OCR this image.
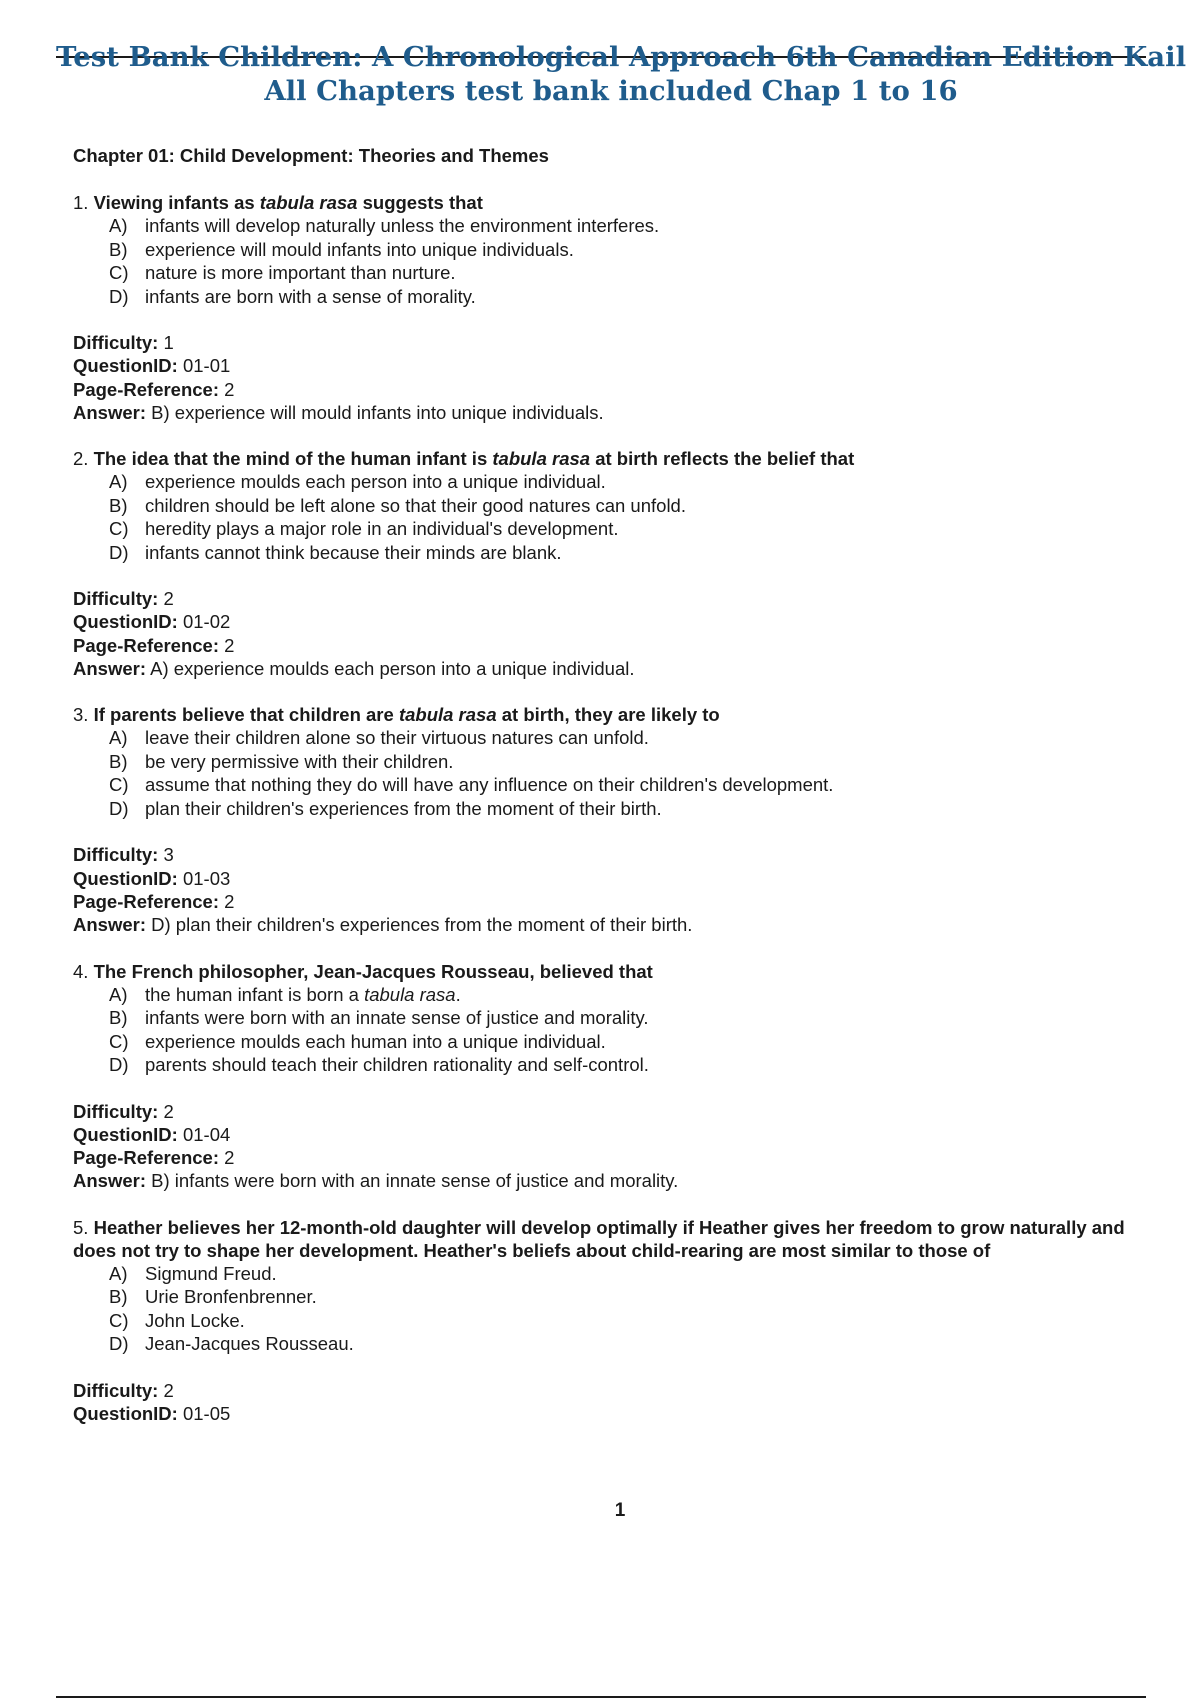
Test Bank Children: A Chronological Approach 6th Canadian Edition Kail
All Chapters test bank included Chap 1 to 16
Chapter 01: Child Development: Theories and Themes
1. Viewing infants as tabula rasa suggests that
A) infants will develop naturally unless the environment interferes.
B) experience will mould infants into unique individuals.
C) nature is more important than nurture.
D) infants are born with a sense of morality.
Difficulty: 1
QuestionID: 01-01
Page-Reference: 2
Answer: B) experience will mould infants into unique individuals.
2. The idea that the mind of the human infant is tabula rasa at birth reflects the belief that
A) experience moulds each person into a unique individual.
B) children should be left alone so that their good natures can unfold.
C) heredity plays a major role in an individual's development.
D) infants cannot think because their minds are blank.
Difficulty: 2
QuestionID: 01-02
Page-Reference: 2
Answer: A) experience moulds each person into a unique individual.
3. If parents believe that children are tabula rasa at birth, they are likely to
A) leave their children alone so their virtuous natures can unfold.
B) be very permissive with their children.
C) assume that nothing they do will have any influence on their children's development.
D) plan their children's experiences from the moment of their birth.
Difficulty: 3
QuestionID: 01-03
Page-Reference: 2
Answer: D) plan their children's experiences from the moment of their birth.
4. The French philosopher, Jean-Jacques Rousseau, believed that
A) the human infant is born a tabula rasa.
B) infants were born with an innate sense of justice and morality.
C) experience moulds each human into a unique individual.
D) parents should teach their children rationality and self-control.
Difficulty: 2
QuestionID: 01-04
Page-Reference: 2
Answer: B) infants were born with an innate sense of justice and morality.
5. Heather believes her 12-month-old daughter will develop optimally if Heather gives her freedom to grow naturally and does not try to shape her development. Heather's beliefs about child-rearing are most similar to those of
A) Sigmund Freud.
B) Urie Bronfenbrenner.
C) John Locke.
D) Jean-Jacques Rousseau.
Difficulty: 2
QuestionID: 01-05
1
